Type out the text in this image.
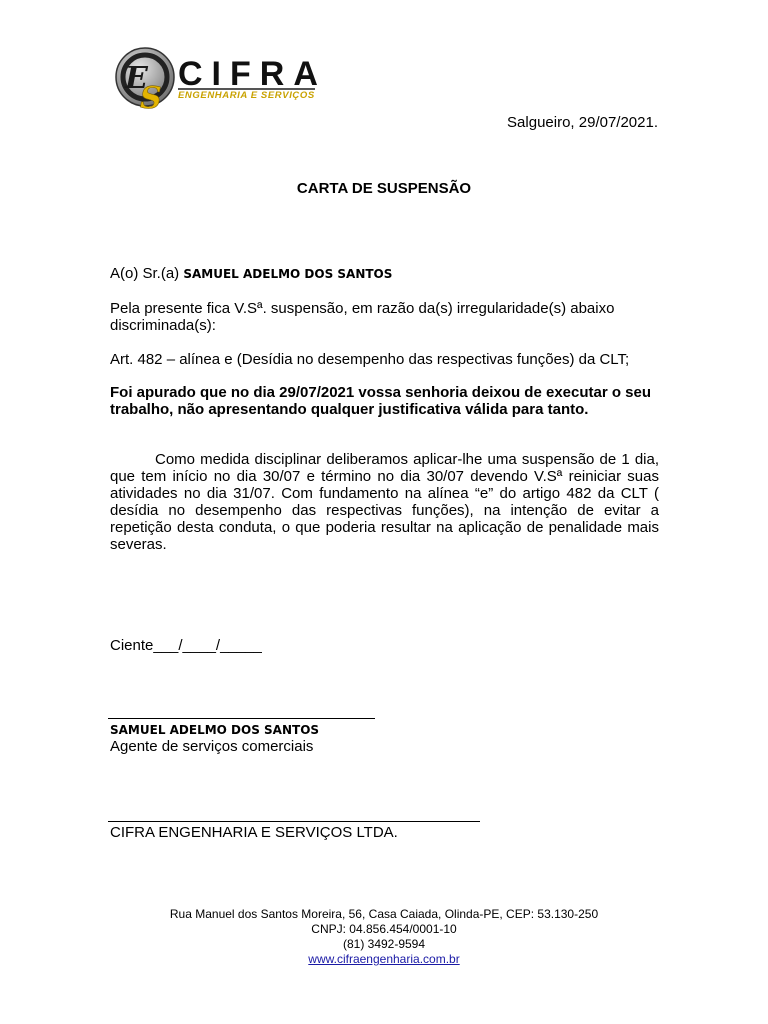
E
S
CIFRA
ENGENHARIA E SERVIÇOS
Salgueiro, 29/07/2021.
CARTA DE SUSPENSÃO
A(o) Sr.(a) SAMUEL ADELMO DOS SANTOS
Pela presente fica V.Sª. suspensão, em razão da(s) irregularidade(s) abaixo discriminada(s):
Art. 482 – alínea e (Desídia no desempenho das respectivas funções) da CLT;
Foi apurado que no dia 29/07/2021 vossa senhoria deixou de executar o seu trabalho, não apresentando qualquer justificativa válida para tanto.
Como medida disciplinar deliberamos aplicar-lhe uma suspensão de 1 dia, que tem início no dia 30/07 e término no dia 30/07 devendo V.Sª reiniciar suas atividades no dia 31/07. Com fundamento na alínea “e” do artigo 482 da CLT ( desídia no desempenho das respectivas funções), na intenção de evitar a repetição desta conduta, o que poderia resultar na aplicação de penalidade mais severas.
Ciente___/____/_____
SAMUEL ADELMO DOS SANTOS
Agente de serviços comerciais
CIFRA ENGENHARIA E SERVIÇOS LTDA.
Rua Manuel dos Santos Moreira, 56, Casa Caiada, Olinda-PE, CEP: 53.130-250
CNPJ: 04.856.454/0001-10
(81) 3492-9594
www.cifraengenharia.com.br
